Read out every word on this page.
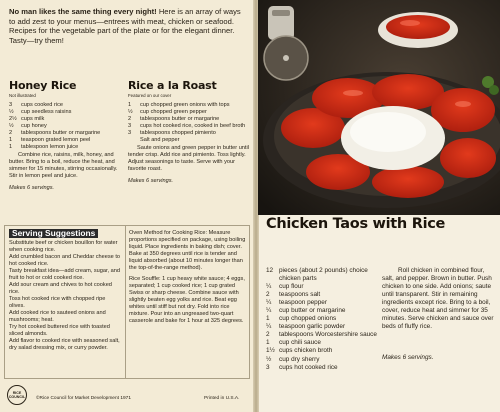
No man likes the same thing every night! Here is an array of ways to add zest to your menus—entrees with meat, chicken or seafood. Recipes for the vegetable part of the plate or for the elegant dinner. Tasty—try them!

Honey Rice
Not illustrated
3	cups cooked rice
½	cup seedless raisins
2½ cups milk
½	cup honey
2	tablespoons butter or margarine
1	teaspoon grated lemon peel
1	tablespoon lemon juice

Combine rice, raisins, milk, honey, and butter. Bring to a boil, reduce the heat, and simmer for 15 minutes, stirring occasionally. Stir in lemon peel and juice.

Makes 6 servings.

Rice a la Roast
Featured on our cover
1	cup chopped green onions with tops
½	cup chopped green pepper
2	tablespoons butter or margarine
3	cups hot cooked rice, cooked in beef broth
3	tablespoons chopped pimiento
Salt and pepper

Saute onions and green pepper in butter until tender crisp. Add rice and pimiento. Toss lightly. Adjust seasonings to taste. Serve with your favorite roast.

Makes 6 servings.

Serving Suggestions

Substitute beef or chicken bouillon for water when cooking rice.

Add crumbled bacon and Cheddar cheese to hot cooked rice.

Tasty breakfast idea—add cream, sugar, and fruit to hot or cold cooked rice.

Add sour cream and chives to hot cooked rice.

Toss hot cooked rice with chopped ripe olives.

Add cooked rice to sauteed onions and mushrooms; heat.

Try hot cooked buttered rice with toasted sliced almonds.

Add flavor to cooked rice with seasoned salt, dry salad dressing mix, or curry powder.

Oven Method for Cooking Rice: Measure proportions specified on package, using boiling liquid. Place ingredients in baking dish; cover. Bake at 350 degrees until rice is tender and liquid absorbed (about 10 minutes longer than the top-of-the-range method).

Rice Souffle: 1 cup heavy white sauce; 4 eggs, separated; 1 cup cooked rice; 1 cup grated Swiss or sharp cheese. Combine sauce with slightly beaten egg yolks and rice. Beat egg whites until stiff but not dry. Fold into rice mixture. Pour into an ungreased two-quart casserole and bake for 1 hour at 325 degrees.

RICE COUNCIL	©Rice Council for Market Development 1971	Printed in U.S.A.
Chicken Taos with Rice
12 pieces (about 2 pounds) choice chicken parts
¼	cup flour
2	teaspoons salt
¼	teaspoon pepper
¼	cup butter or margarine
1	cup chopped onions
¼	teaspoon garlic powder
2	tablespoons Worcestershire sauce
1	cup chili sauce
1½ cups chicken broth
½	cup dry sherry
3	cups hot cooked rice

Roll chicken in combined flour, salt, and pepper. Brown in butter. Push chicken to one side. Add onions; saute until transparent. Stir in remaining ingredients except rice. Bring to a boil, cover, reduce heat and simmer for 35 minutes. Serve chicken and sauce over beds of fluffy rice.

Makes 6 servings.
